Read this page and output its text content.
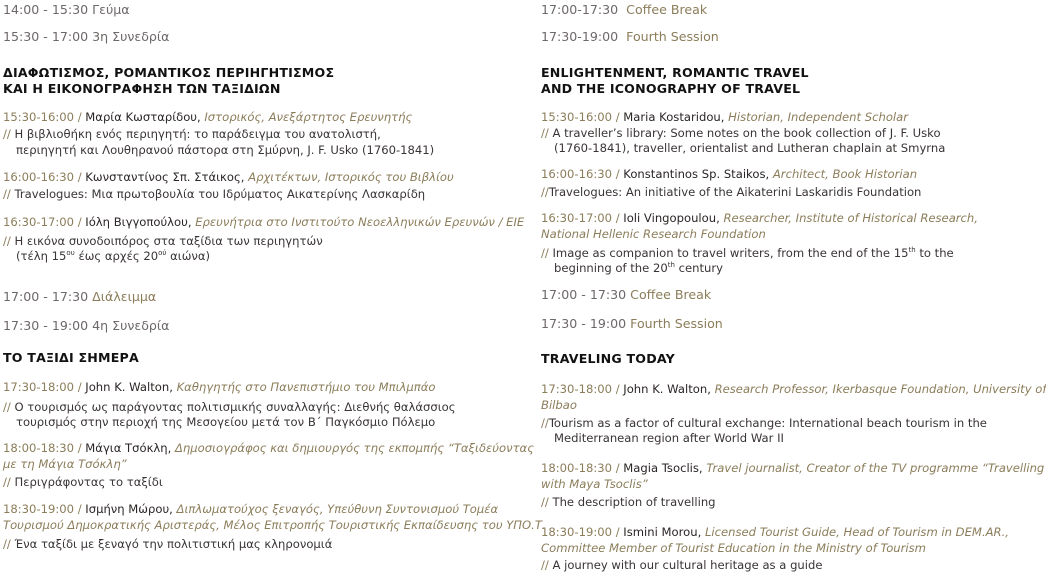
14:00 - 15:30 Γεύμα
15:30 - 17:00 3η Συνεδρία
ΔΙΑΦΩΤΙΣΜΟΣ, ΡΟΜΑΝΤΙΚΟΣ ΠΕΡΙΗΓΗΤΙΣΜΟΣ
ΚΑΙ Η ΕΙΚΟΝΟΓΡΑΦΗΣΗ ΤΩΝ ΤΑΞΙΔΙΩΝ
15:30-16:00 / Μαρία Κωσταρίδου, Ιστορικός, Ανεξάρτητος Ερευνητής
// Η βιβλιοθήκη ενός περιηγητή: το παράδειγμα του ανατολιστή,
περιηγητή και Λουθηρανού πάστορα στη Σμύρνη, J. F. Usko (1760-1841)
16:00-16:30 / Κωνσταντίνος Σπ. Στάικος, Αρχιτέκτων, Ιστορικός του Βιβλίου
// Travelogues: Μια πρωτοβουλία του Ιδρύματος Αικατερίνης Λασκαρίδη
16:30-17:00 / Ιόλη Βιγγοπούλου, Ερευνήτρια στο Ινστιτούτο Νεοελληνικών Ερευνών / ΕΙΕ
// Η εικόνα συνοδοιπόρος στα ταξίδια των περιηγητών
(τέλη $15^{o\upsilon}$ έως αρχές $20^{oύ}$ αιώνα)
17:00 - 17:30 Διάλειμμα
17:30 - 19:00 4η Συνεδρία
ΤΟ ΤΑΞΙΔΙ ΣΗΜΕΡΑ
17:30-18:00 / John K. Walton, Καθηγητής στο Πανεπιστήμιο του Μπιλμπάο
// Ο τουρισμός ως παράγοντας πολιτισμικής συναλλαγής: Διεθνής θαλάσσιος
τουρισμός στην περιοχή της Μεσογείου μετά τον Β΄ Παγκόσμιο Πόλεμο
18:00-18:30 / Μάγια Τσόκλη, Δημοσιογράφος και δημιουργός της εκπομπής “Ταξιδεύοντας
με τη Μάγια Τσόκλη”
// Περιγράφοντας το ταξίδι
18:30-19:00 / Ισμήνη Μώρου, Διπλωματούχος ξεναγός, Υπεύθυνη Συντονισμού Τομέα
Τουρισμού Δημοκρατικής Αριστεράς, Μέλος Επιτροπής Τουριστικής Εκπαίδευσης του ΥΠΟ.Τ.
// Ένα ταξίδι με ξεναγό την πολιτιστική μας κληρονομιά
17:00-17:30 Coffee Break
17:30-19:00 Fourth Session
ENLIGHTENMENT, ROMANTIC TRAVEL
AND THE ICONOGRAPHY OF TRAVEL
15:30-16:00 / Maria Kostaridou, Historian, Independent Scholar
// A traveller’s library: Some notes on the book collection of J. F. Usko
(1760-1841), traveller, orientalist and Lutheran chaplain at Smyrna
16:00-16:30 / Konstantinos Sp. Staikos, Architect, Book Historian
//Travelogues: An initiative of the Aikaterini Laskaridis Foundation
16:30-17:00 / Ioli Vingopoulou, Researcher, Institute of Historical Research,
National Hellenic Research Foundation
// Image as companion to travel writers, from the end of the 15th to the
beginning of the 20th century
17:00 - 17:30 Coffee Break
17:30 - 19:00 Fourth Session
TRAVELING TODAY
17:30-18:00 / John K. Walton, Research Professor, Ikerbasque Foundation, University of
Bilbao
//Tourism as a factor of cultural exchange: International beach tourism in the
Mediterranean region after World War II
18:00-18:30 / Magia Tsoclis, Travel journalist, Creator of the TV programme “Travelling
with Maya Tsoclis”
// The description of travelling
18:30-19:00 / Ismini Morou, Licensed Tourist Guide, Head of Tourism in DEM.AR.,
Committee Member of Tourist Education in the Ministry of Tourism
// A journey with our cultural heritage as a guide
